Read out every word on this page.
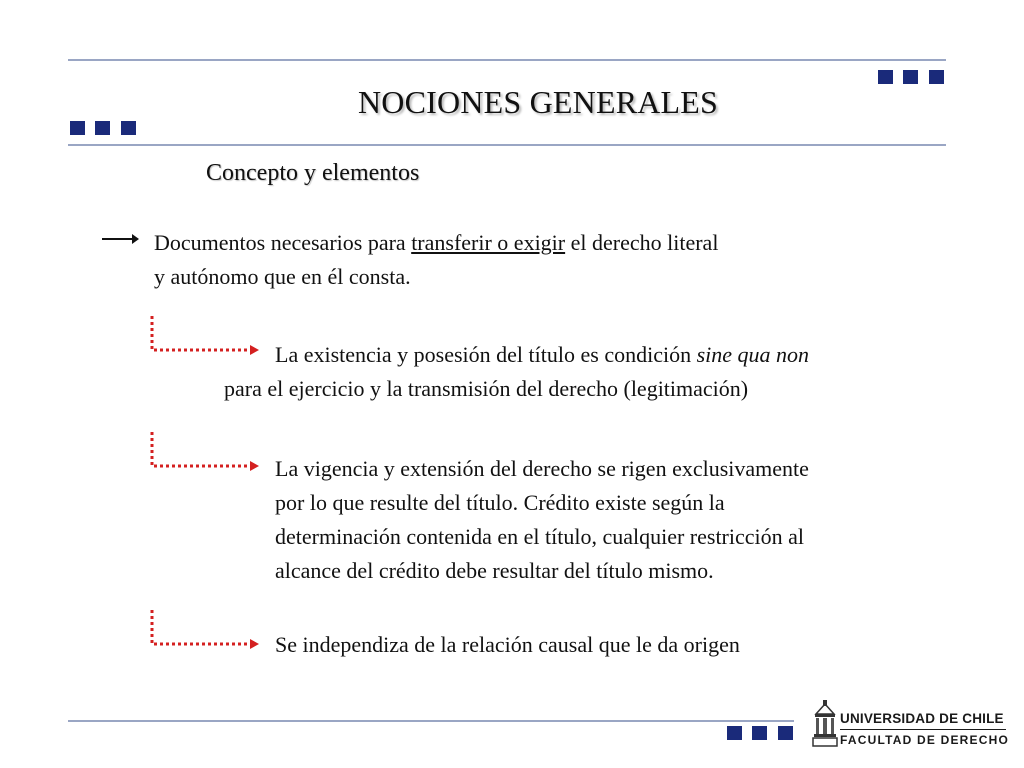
NOCIONES GENERALES
Concepto y elementos
Documentos necesarios para transferir o exigir el derecho literal
y autónomo que en él consta.
La existencia y posesión del título es condición sine qua non
para el ejercicio y la transmisión del derecho (legitimación)
La vigencia y extensión del derecho se rigen exclusivamente
por lo que resulte del título. Crédito existe según la
determinación contenida en el título, cualquier restricción al
alcance del crédito debe resultar del título mismo.
Se independiza de la relación causal que le da origen
UNIVERSIDAD DE CHILE
FACULTAD DE DERECHO
